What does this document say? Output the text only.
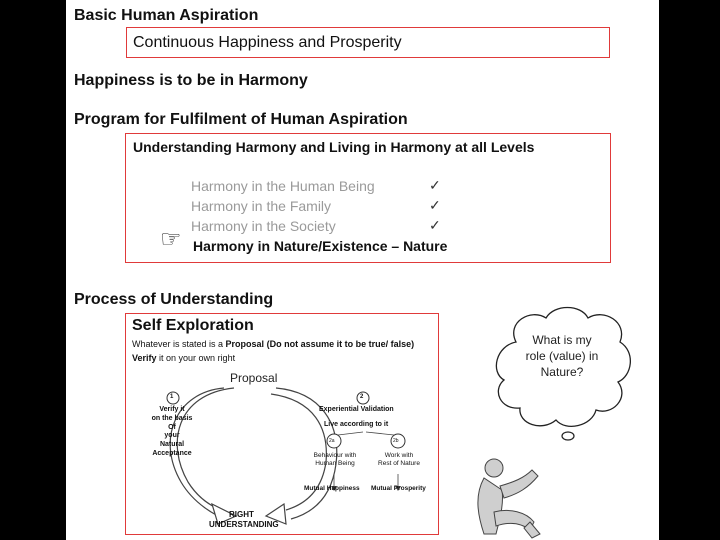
Basic Human Aspiration
Continuous Happiness and Prosperity
Happiness is to be in Harmony
Program for Fulfilment of Human Aspiration
Understanding Harmony and Living in Harmony at all Levels
Harmony in the Human Being	✓
Harmony in the Family	✓
Harmony in the Society	✓
☞ Harmony in Nature/Existence – Nature
Process of Understanding
Self Exploration
Whatever is stated is a Proposal (Do not assume it to be true/ false)
Verify it on your own right
Proposal
1	2
2a	2b
Verify it
on the basis
Of
your
Natural
Acceptance
Experiential Validation
Live according to it
Behaviour with
Human Being
Work with
Rest of Nature
Mutual Happiness Mutual Prosperity
RIGHT
UNDERSTANDING
What is my
role (value) in
Nature?
